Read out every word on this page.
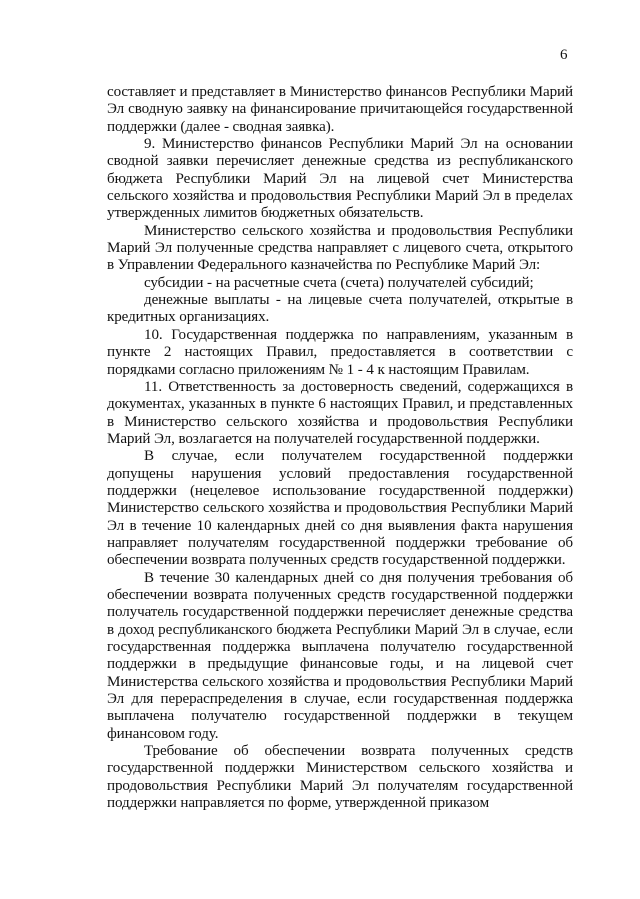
6

составляет и представляет в Министерство финансов Республики Марий Эл сводную заявку на финансирование причитающейся государственной поддержки (далее - сводная заявка).

9. Министерство финансов Республики Марий Эл на основании сводной заявки перечисляет денежные средства из республиканского бюджета Республики Марий Эл на лицевой счет Министерства сельского хозяйства и продовольствия Республики Марий Эл в пределах утвержденных лимитов бюджетных обязательств.

Министерство сельского хозяйства и продовольствия Республики Марий Эл полученные средства направляет с лицевого счета, открытого в Управлении Федерального казначейства по Республике Марий Эл:

субсидии - на расчетные счета (счета) получателей субсидий;

денежные выплаты - на лицевые счета получателей, открытые в кредитных организациях.

10. Государственная поддержка по направлениям, указанным в пункте 2 настоящих Правил, предоставляется в соответствии с порядками согласно приложениям № 1 - 4 к настоящим Правилам.

11. Ответственность за достоверность сведений, содержащихся в документах, указанных в пункте 6 настоящих Правил, и представленных в Министерство сельского хозяйства и продовольствия Республики Марий Эл, возлагается на получателей государственной поддержки.

В случае, если получателем государственной поддержки допущены нарушения условий предоставления государственной поддержки (нецелевое использование государственной поддержки) Министерство сельского хозяйства и продовольствия Республики Марий Эл в течение 10 календарных дней со дня выявления факта нарушения направляет получателям государственной поддержки требование об обеспечении возврата полученных средств государственной поддержки.

В течение 30 календарных дней со дня получения требования об обеспечении возврата полученных средств государственной поддержки получатель государственной поддержки перечисляет денежные средства в доход республиканского бюджета Республики Марий Эл в случае, если государственная поддержка выплачена получателю государственной поддержки в предыдущие финансовые годы, и на лицевой счет Министерства сельского хозяйства и продовольствия Республики Марий Эл для перераспределения в случае, если государственная поддержка выплачена получателю государственной поддержки в текущем финансовом году.

Требование об обеспечении возврата полученных средств государственной поддержки Министерством сельского хозяйства и продовольствия Республики Марий Эл получателям государственной поддержки направляется по форме, утвержденной приказом
